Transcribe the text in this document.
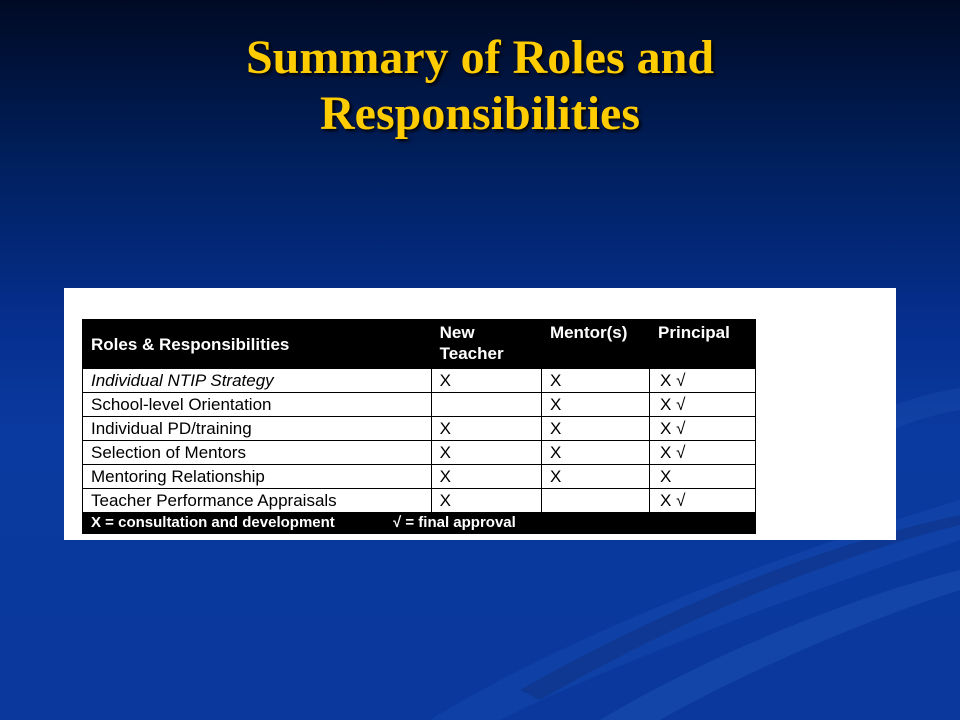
Summary of Roles and
Responsibilities
Roles & Responsibilities	New Teacher	Mentor(s)	Principal
Individual NTIP Strategy	X	X	X √
School-level Orientation		X	X √
Individual PD/training	X	X	X √
Selection of Mentors	X	X	X √
Mentoring Relationship	X	X	X
Teacher Performance Appraisals	X		X √
X = consultation and development √ = final approval			
